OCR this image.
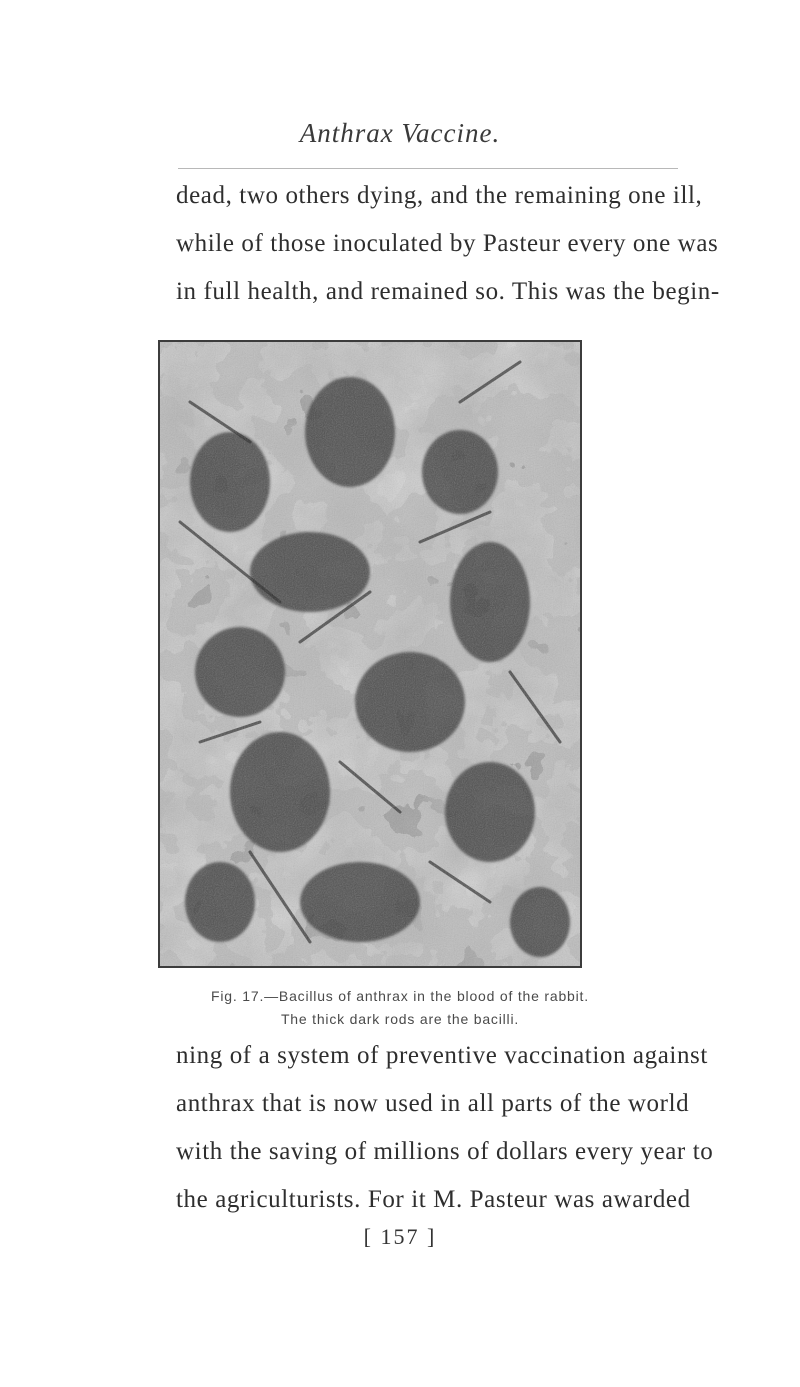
Anthrax Vaccine.
dead, two others dying, and the remaining one ill,
while of those inoculated by Pasteur every one was
in full health, and remained so. This was the begin-
Fig. 17.—Bacillus of anthrax in the blood of the rabbit.
The thick dark rods are the bacilli.
ning of a system of preventive vaccination against
anthrax that is now used in all parts of the world
with the saving of millions of dollars every year to
the agriculturists. For it M. Pasteur was awarded
[ 157 ]
